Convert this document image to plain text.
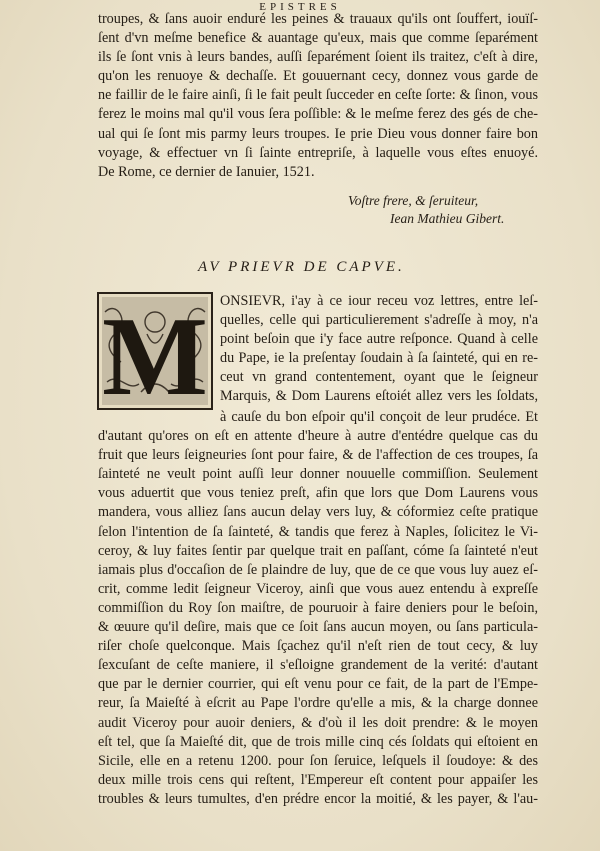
EPISTRES
troupes, & ſans auoir enduré les peines & trauaux qu'ils ont ſouffert, iouïſ-
ſent d'vn meſme benefice & auantage qu'eux, mais que comme ſeparément
ils ſe ſont vnis à leurs bandes, auſſi ſeparément ſoient ils traitez, c'eſt à dire,
qu'on les renuoye & dechaſſe. Et gouuernant cecy, donnez vous garde de
ne faillir de le faire ainſi, ſi le fait peult ſucceder en ceſte ſorte: & ſinon, vous
ferez le moins mal qu'il vous ſera poſſible: & le meſme ferez des gés de che-
ual qui ſe ſont mis parmy leurs troupes. Ie prie Dieu vous donner faire bon
voyage, & effectuer vn ſi ſainte entrepriſe, à laquelle vous eſtes enuoyé.
De Rome, ce dernier de Ianuier, 1521.
Voſtre frere, & ſeruiteur,
Iean Mathieu Gibert.
AV PRIEVR DE CAPVE.
M ONSIEVR, i'ay à ce iour receu voz lettres, entre leſ-
quelles, celle qui particulierement s'adreſſe à moy, n'a
point beſoin que i'y face autre reſponce. Quand à celle
du Pape, ie la preſentay ſoudain à ſa ſainteté, qui en re-
ceut vn grand contentement, oyant que le ſeigneur
Marquis, & Dom Laurens eſtoiét allez vers les ſoldats,
à cauſe du bon eſpoir qu'il conçoit de leur prudéce. Et
d'autant qu'ores on eſt en attente d'heure à autre d'entédre quelque cas du
fruit que leurs ſeigneuries ſont pour faire, & de l'affection de ces troupes, ſa
ſainteté ne veult point auſſi leur donner nouuelle commiſſion. Seulement
vous aduertit que vous teniez preſt, afin que lors que Dom Laurens vous
mandera, vous alliez ſans aucun delay vers luy, & cóformiez ceſte pratique
ſelon l'intention de ſa ſainteté, & tandis que ferez à Naples, ſolicitez le Vi-
ceroy, & luy faites ſentir par quelque trait en paſſant, cóme ſa ſainteté n'eut
iamais plus d'occaſion de ſe plaindre de luy, que de ce que vous luy auez eſ-
crit, comme ledit ſeigneur Viceroy, ainſi que vous auez entendu à expreſſe
commiſſion du Roy ſon maiſtre, de pouruoir à faire deniers pour le beſoin,
& œuure qu'il deſire, mais que ce ſoit ſans aucun moyen, ou ſans particula-
riſer choſe quelconque. Mais ſçachez qu'il n'eſt rien de tout cecy, & luy
ſexcuſant de ceſte maniere, il s'eſloigne grandement de la verité: d'autant
que par le dernier courrier, qui eſt venu pour ce fait, de la part de l'Empe-
reur, ſa Maieſté à eſcrit au Pape l'ordre qu'elle a mis, & la charge donnee
audit Viceroy pour auoir deniers, & d'où il les doit prendre: & le moyen
eſt tel, que ſa Maieſté dit, que de trois mille cinq cés ſoldats qui eſtoient en
Sicile, elle en a retenu 1200. pour ſon ſeruice, leſquels il ſoudoye: & des
deux mille trois cens qui reſtent, l'Empereur eſt content pour appaiſer les
troubles & leurs tumultes, d'en prédre encor la moitié, & les payer, & l'au-
